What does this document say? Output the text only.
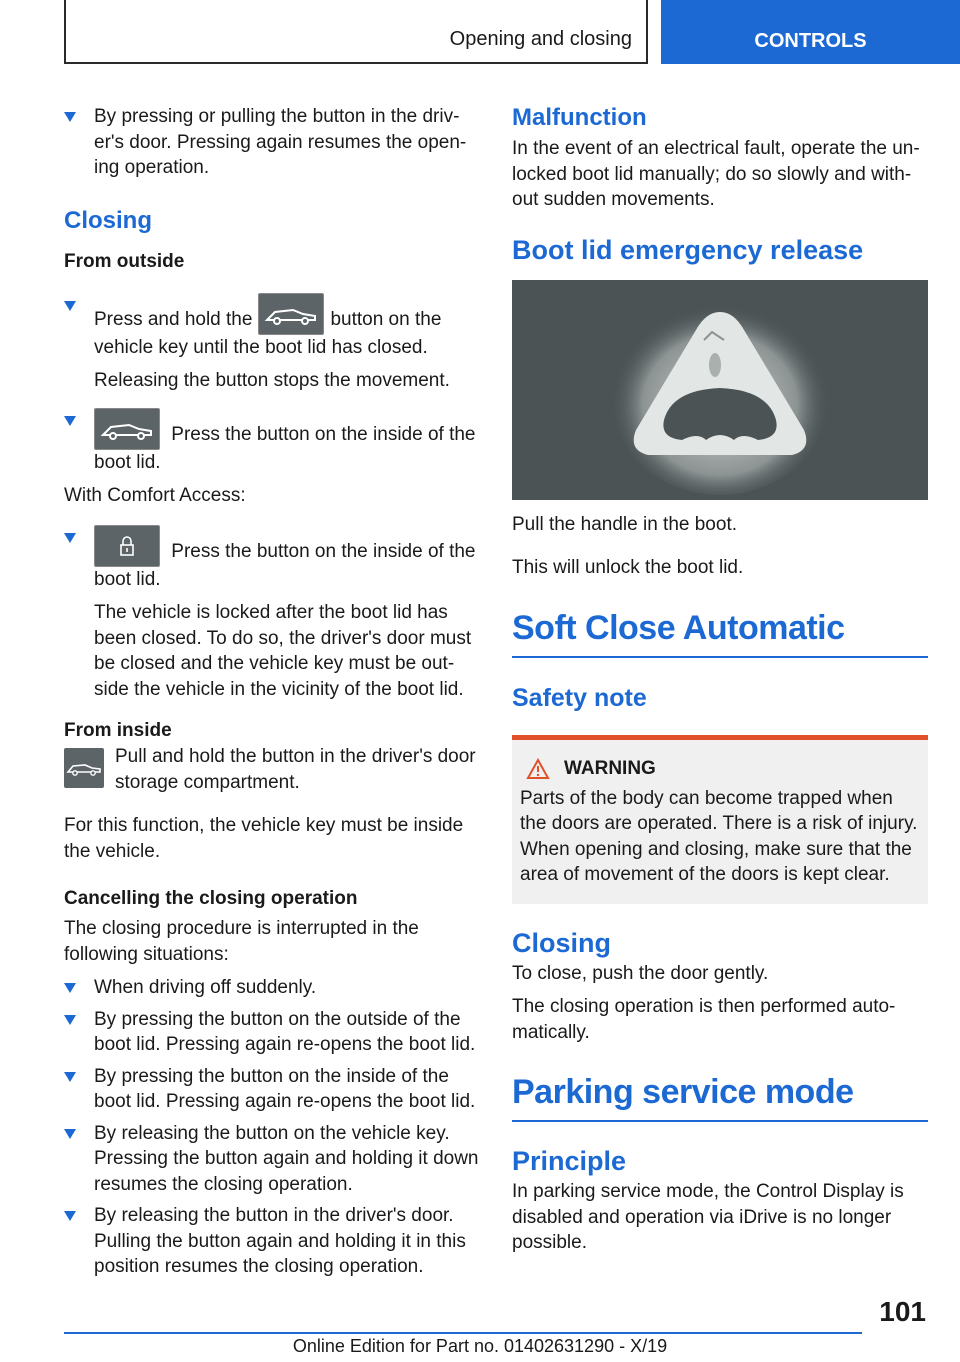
Opening and closing	CONTROLS
By pressing or pulling the button in the driv- er's door. Pressing again resumes the open- ing operation.
Closing
From outside
Press and hold the	button on the vehicle key until the boot lid has closed.
Releasing the button stops the movement.
Press the button on the inside of the boot lid.

With Comfort Access:

Press the button on the inside of the boot lid.
The vehicle is locked after the boot lid has been closed. To do so, the driver's door must be closed and the vehicle key must be out- side the vehicle in the vicinity of the boot lid.
From inside

Pull and hold the button in the driver's door storage compartment.

For this function, the vehicle key must be inside the vehicle.

Cancelling the closing operation

The closing procedure is interrupted in the following situations:

When driving off suddenly.
By pressing the button on the outside of the boot lid. Pressing again re-opens the boot lid.
By pressing the button on the inside of the boot lid. Pressing again re-opens the boot lid.
By releasing the button on the vehicle key. Pressing the button again and holding it down resumes the closing operation.
By releasing the button in the driver's door. Pulling the button again and holding it in this position resumes the closing operation.
Malfunction

In the event of an electrical fault, operate the un- locked boot lid manually; do so slowly and with- out sudden movements.

Boot lid emergency release

Pull the handle in the boot.

This will unlock the boot lid.

Soft Close Automatic
Safety note
WARNING

Parts of the body can become trapped when the doors are operated. There is a risk of injury. When opening and closing, make sure that the area of movement of the doors is kept clear.

Closing

To close, push the door gently.

The closing operation is then performed auto- matically.

Parking service mode
Principle

In parking service mode, the Control Display is disabled and operation via iDrive is no longer possible.

101
Online Edition for Part no. 01402631290 - X/19
